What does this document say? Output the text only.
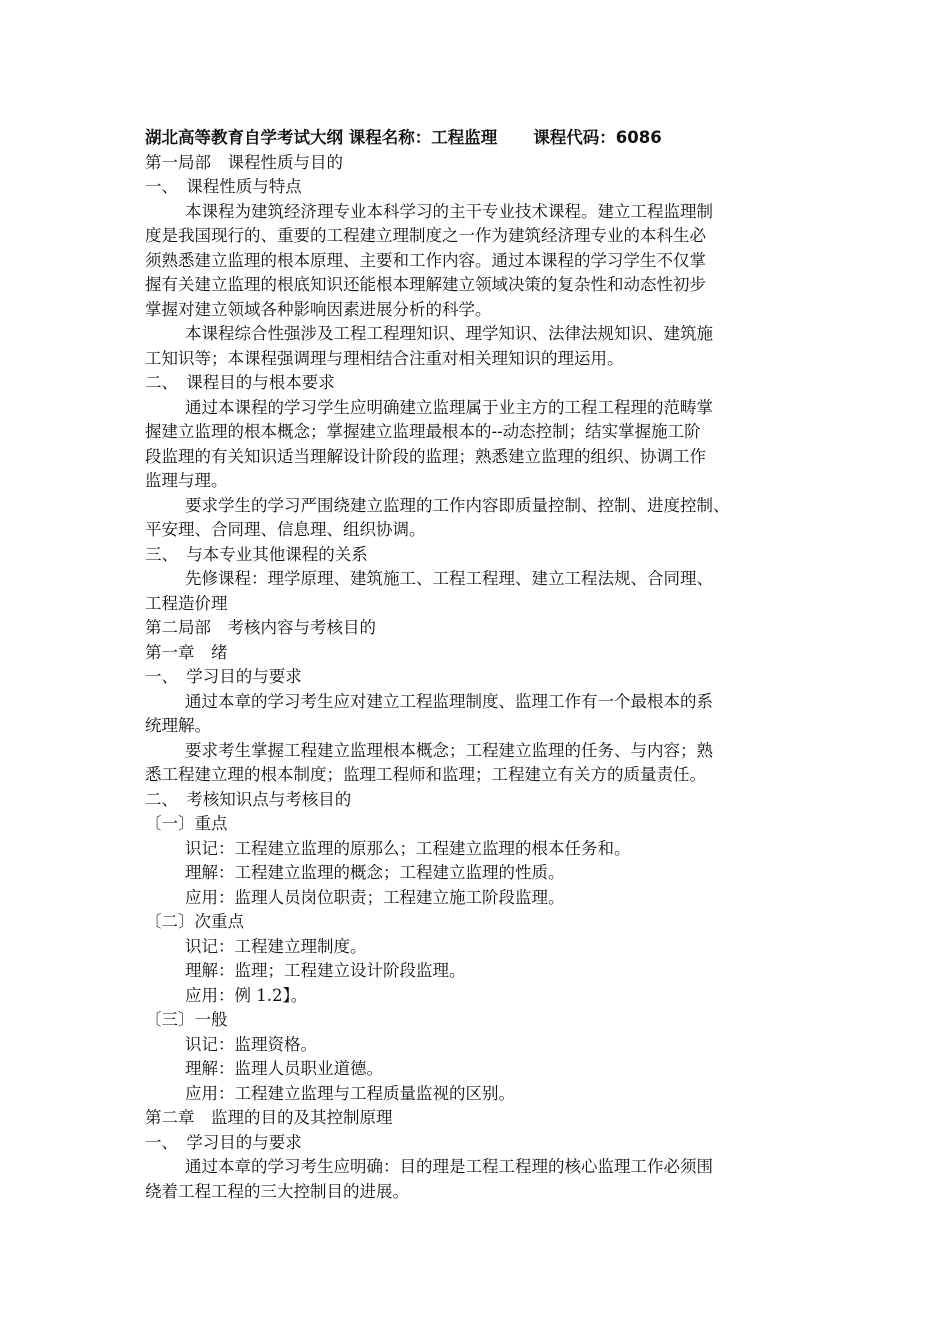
湖北高等教育自学考试大纲 课程名称：工程监理 课程代码：6086
第一局部　课程性质与目的
一、　课程性质与特点
本课程为建筑经济理专业本科学习的主干专业技术课程。建立工程监理制
度是我国现行的、重要的工程建立理制度之一作为建筑经济理专业的本科生必
须熟悉建立监理的根本原理、主要和工作内容。通过本课程的学习学生不仅掌
握有关建立监理的根底知识还能根本理解建立领域决策的复杂性和动态性初步
掌握对建立领域各种影响因素进展分析的科学。
本课程综合性强涉及工程工程理知识、理学知识、法律法规知识、建筑施
工知识等；本课程强调理与理相结合注重对相关理知识的理运用。
二、　课程目的与根本要求
通过本课程的学习学生应明确建立监理属于业主方的工程工程理的范畴掌
握建立监理的根本概念；掌握建立监理最根本的--动态控制；结实掌握施工阶
段监理的有关知识适当理解设计阶段的监理；熟悉建立监理的组织、协调工作
监理与理。
要求学生的学习严围绕建立监理的工作内容即质量控制、控制、进度控制、
平安理、合同理、信息理、组织协调。
三、　与本专业其他课程的关系
先修课程：理学原理、建筑施工、工程工程理、建立工程法规、合同理、
工程造价理
第二局部　考核内容与考核目的
第一章　绪
一、　学习目的与要求
通过本章的学习考生应对建立工程监理制度、监理工作有一个最根本的系
统理解。
要求考生掌握工程建立监理根本概念；工程建立监理的任务、与内容；熟
悉工程建立理的根本制度；监理工程师和监理；工程建立有关方的质量责任。
二、　考核知识点与考核目的
〔一〕重点
识记：工程建立监理的原那么；工程建立监理的根本任务和。
理解：工程建立监理的概念；工程建立监理的性质。
应用：监理人员岗位职责；工程建立施工阶段监理。
〔二〕次重点
识记：工程建立理制度。
理解：监理；工程建立设计阶段监理。
应用：例 1.2】。
〔三〕一般
识记：监理资格。
理解：监理人员职业道德。
应用：工程建立监理与工程质量监视的区别。
第二章　监理的目的及其控制原理
一、　学习目的与要求
通过本章的学习考生应明确：目的理是工程工程理的核心监理工作必须围
绕着工程工程的三大控制目的进展。
